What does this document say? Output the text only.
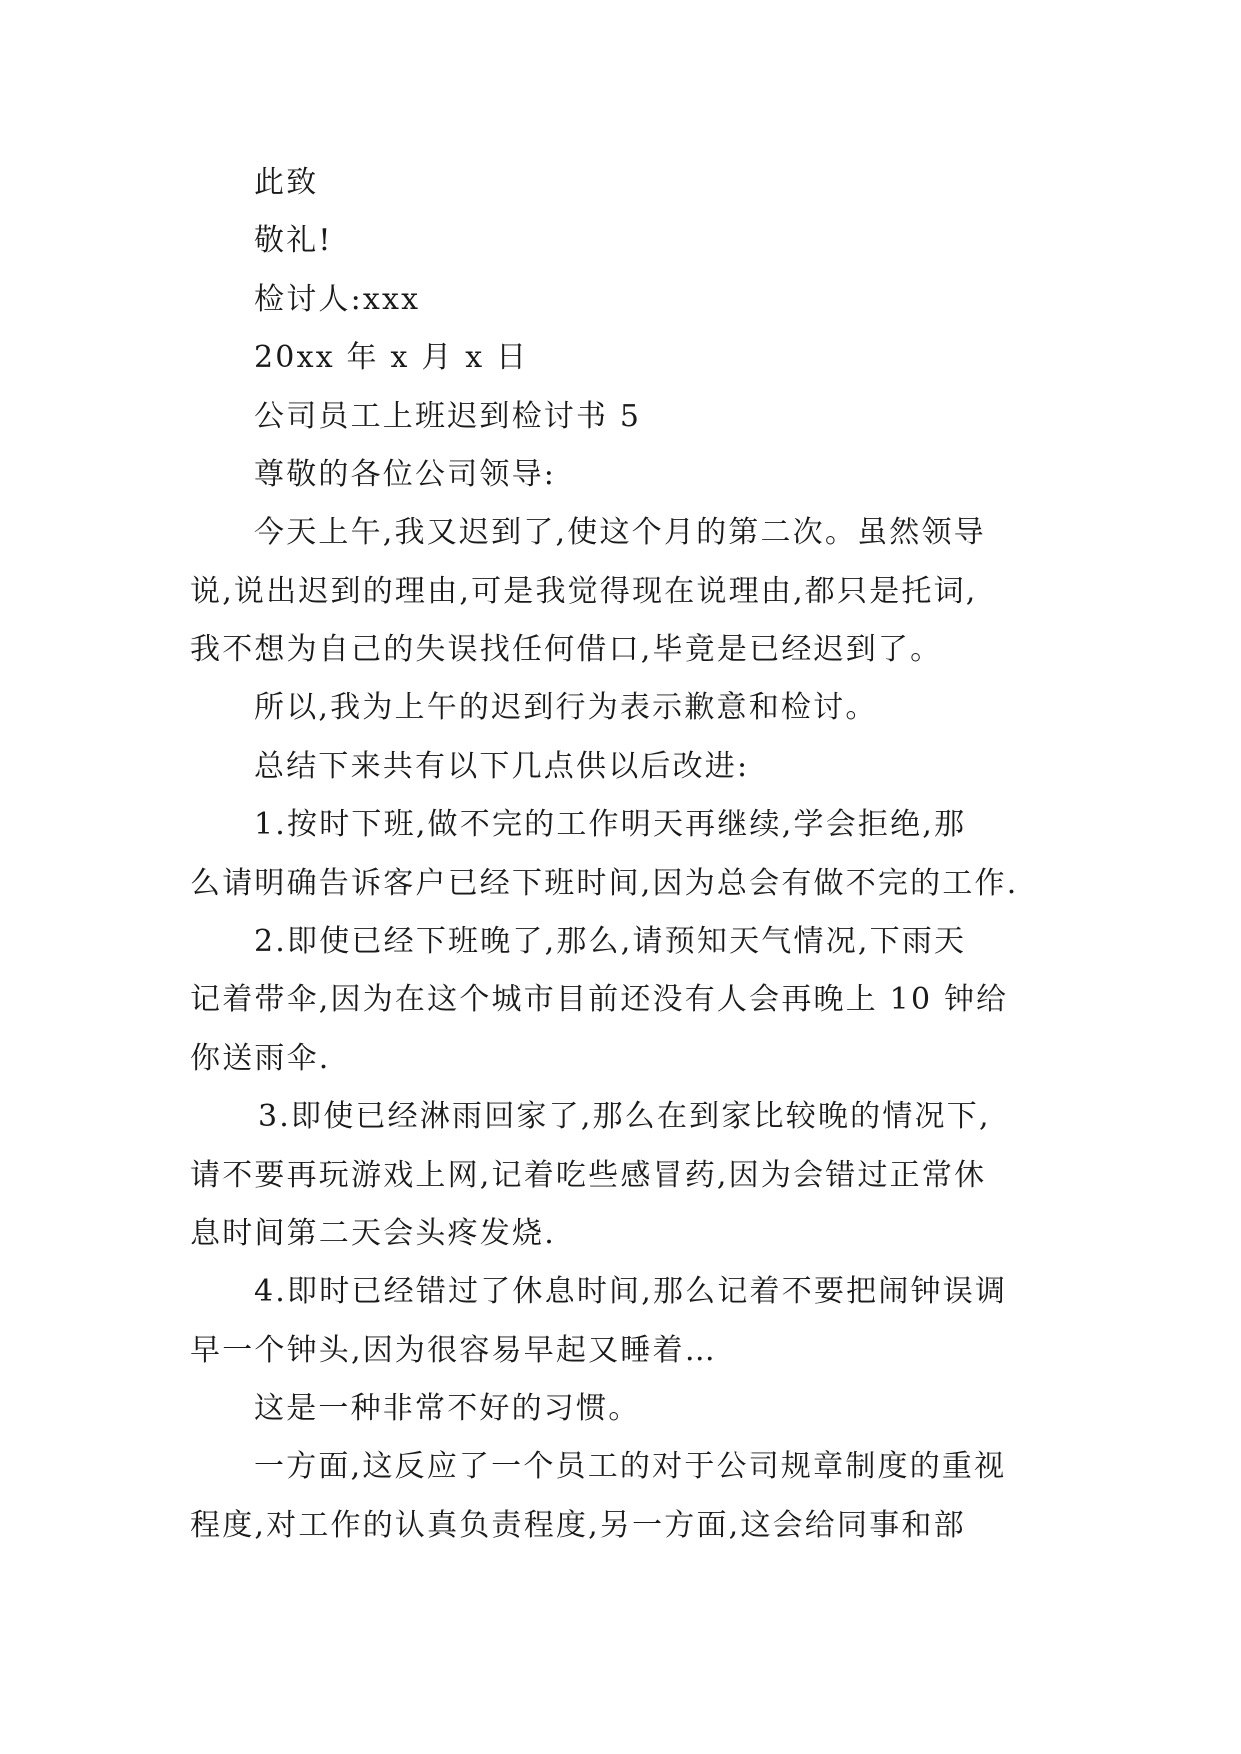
此致
敬礼!
检讨人:xxx
20xx 年 x 月 x 日
公司员工上班迟到检讨书 5
尊敬的各位公司领导:
今天上午,我又迟到了,使这个月的第二次。虽然领导
说,说出迟到的理由,可是我觉得现在说理由,都只是托词,
我不想为自己的失误找任何借口,毕竟是已经迟到了。
所以,我为上午的迟到行为表示歉意和检讨。
总结下来共有以下几点供以后改进:
1.按时下班,做不完的工作明天再继续,学会拒绝,那
么请明确告诉客户已经下班时间,因为总会有做不完的工作.
2.即使已经下班晚了,那么,请预知天气情况,下雨天
记着带伞,因为在这个城市目前还没有人会再晚上 10 钟给
你送雨伞.
3.即使已经淋雨回家了,那么在到家比较晚的情况下,
请不要再玩游戏上网,记着吃些感冒药,因为会错过正常休
息时间第二天会头疼发烧.
4.即时已经错过了休息时间,那么记着不要把闹钟误调
早一个钟头,因为很容易早起又睡着…
这是一种非常不好的习惯。
一方面,这反应了一个员工的对于公司规章制度的重视
程度,对工作的认真负责程度,另一方面,这会给同事和部
